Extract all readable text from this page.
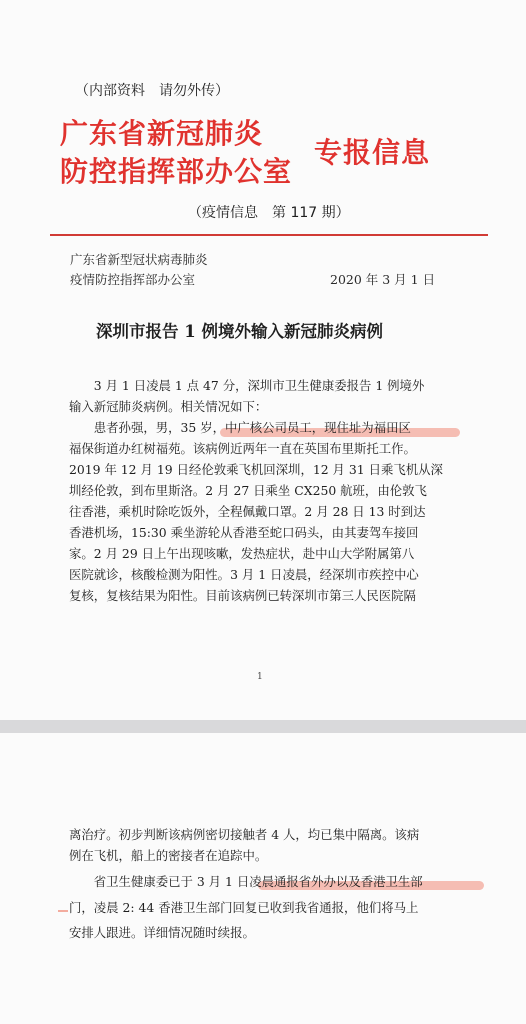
（内部资料　请勿外传）
广东省新冠肺炎
防控指挥部办公室
专报信息
（疫情信息　第 117 期）
广东省新型冠状病毒肺炎
疫情防控指挥部办公室	2020 年 3 月 1 日
深圳市报告 1 例境外输入新冠肺炎病例
　　3 月 1 日凌晨 1 点 47 分，深圳市卫生健康委报告 1 例境外
输入新冠肺炎病例。相关情况如下：
　　患者孙强，男，35 岁，中广核公司员工，现住址为福田区
福保街道办红树福苑。该病例近两年一直在英国布里斯托工作。
2019 年 12 月 19 日经伦敦乘飞机回深圳，12 月 31 日乘飞机从深
圳经伦敦，到布里斯洛。2 月 27 日乘坐 CX250 航班，由伦敦飞
往香港，乘机时除吃饭外，全程佩戴口罩。2 月 28 日 13 时到达
香港机场，15:30 乘坐游轮从香港至蛇口码头，由其妻驾车接回
家。2 月 29 日上午出现咳嗽，发热症状，赴中山大学附属第八
医院就诊，核酸检测为阳性。3 月 1 日凌晨，经深圳市疾控中心
复核，复核结果为阳性。目前该病例已转深圳市第三人民医院隔
1
离治疗。初步判断该病例密切接触者 4 人，均已集中隔离。该病
例在飞机，船上的密接者在追踪中。
　　省卫生健康委已于 3 月 1 日凌晨通报省外办以及香港卫生部
门，凌晨 2: 44 香港卫生部门回复已收到我省通报，他们将马上
安排人跟进。详细情况随时续报。
